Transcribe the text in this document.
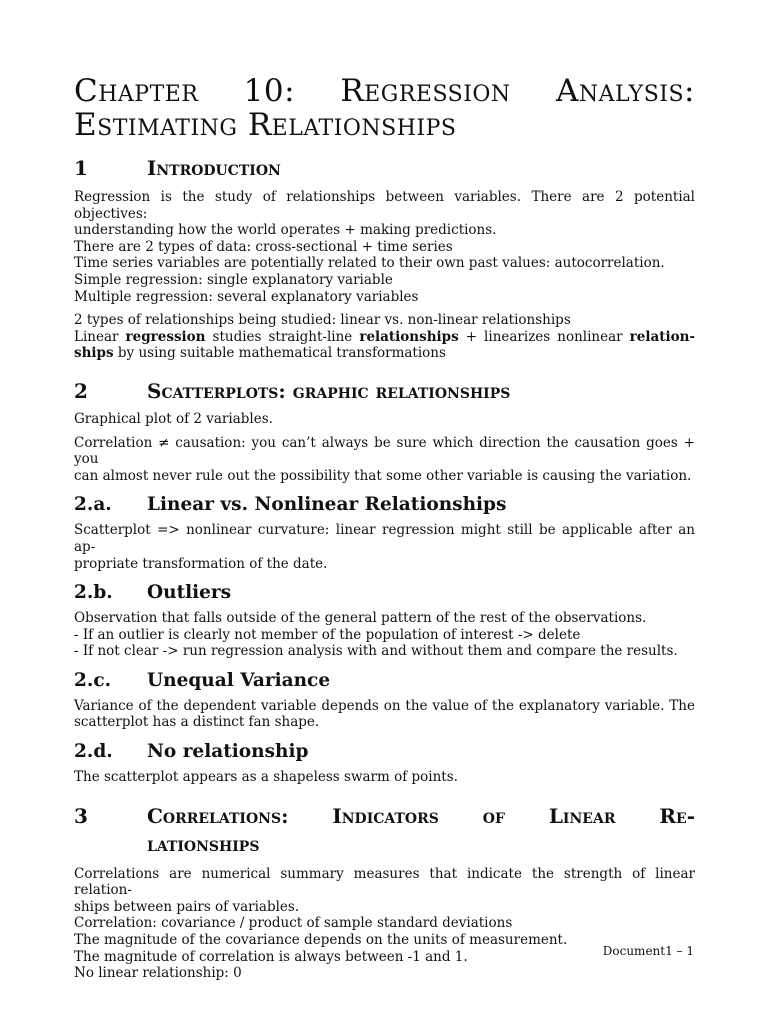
Chapter 10: Regression Analysis:
Estimating Relationships
1	Introduction

Regression is the study of relationships between variables. There are 2 potential objectives:
understanding how the world operates + making predictions.
There are 2 types of data: cross-sectional + time series
Time series variables are potentially related to their own past values: autocorrelation.
Simple regression: single explanatory variable
Multiple regression: several explanatory variables

2 types of relationships being studied: linear vs. non-linear relationships
Linear regression studies straight-line relationships + linearizes nonlinear relation-
ships by using suitable mathematical transformations

2	Scatterplots: graphic relationships

Graphical plot of 2 variables.

Correlation ≠ causation: you can’t always be sure which direction the causation goes + you
can almost never rule out the possibility that some other variable is causing the variation.

2.a. Linear vs. Nonlinear Relationships

Scatterplot => nonlinear curvature: linear regression might still be applicable after an ap-
propriate transformation of the date.

2.b. Outliers

Observation that falls outside of the general pattern of the rest of the observations.
- If an outlier is clearly not member of the population of interest -> delete
- If not clear -> run regression analysis with and without them and compare the results.

2.c. Unequal Variance

Variance of the dependent variable depends on the value of the explanatory variable. The
scatterplot has a distinct fan shape.

2.d. No relationship

The scatterplot appears as a shapeless swarm of points.

3	Correlations: Indicators of Linear Re-
lationships

Correlations are numerical summary measures that indicate the strength of linear relation-
ships between pairs of variables.
Correlation: covariance / product of sample standard deviations
The magnitude of the covariance depends on the units of measurement.
The magnitude of correlation is always between -1 and 1.
No linear relationship: 0

Document1 – 1
